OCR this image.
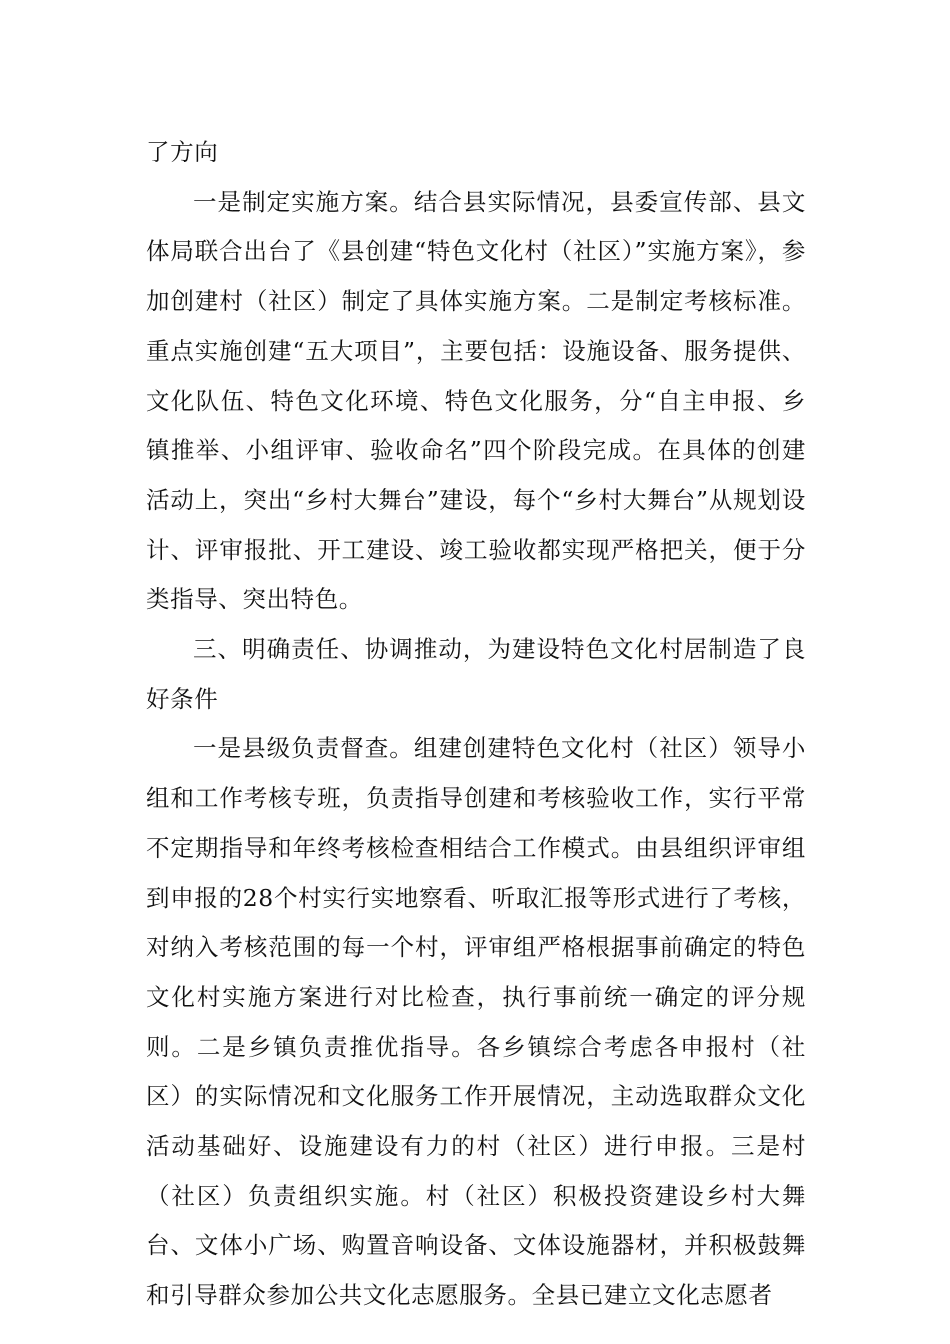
了方向

一是制定实施方案。结合县实际情况，县委宣传部、县文体局联合出台了《县创建“特色文化村（社区）”实施方案》，参加创建村（社区）制定了具体实施方案。二是制定考核标准。重点实施创建“五大项目”，主要包括：设施设备、服务提供、文化队伍、特色文化环境、特色文化服务，分“自主申报、乡镇推举、小组评审、验收命名”四个阶段完成。在具体的创建活动上，突出“乡村大舞台”建设，每个“乡村大舞台”从规划设计、评审报批、开工建设、竣工验收都实现严格把关，便于分类指导、突出特色。

三、明确责任、协调推动，为建设特色文化村居制造了良好条件

一是县级负责督查。组建创建特色文化村（社区）领导小组和工作考核专班，负责指导创建和考核验收工作，实行平常不定期指导和年终考核检查相结合工作模式。由县组织评审组到申报的28个村实行实地察看、听取汇报等形式进行了考核，对纳入考核范围的每一个村，评审组严格根据事前确定的特色文化村实施方案进行对比检查，执行事前统一确定的评分规则。二是乡镇负责推优指导。各乡镇综合考虑各申报村（社区）的实际情况和文化服务工作开展情况，主动选取群众文化活动基础好、设施建设有力的村（社区）进行申报。三是村（社区）负责组织实施。村（社区）积极投资建设乡村大舞台、文体小广场、购置音响设备、文体设施器材，并积极鼓舞和引导群众参加公共文化志愿服务。全县已建立文化志愿者
